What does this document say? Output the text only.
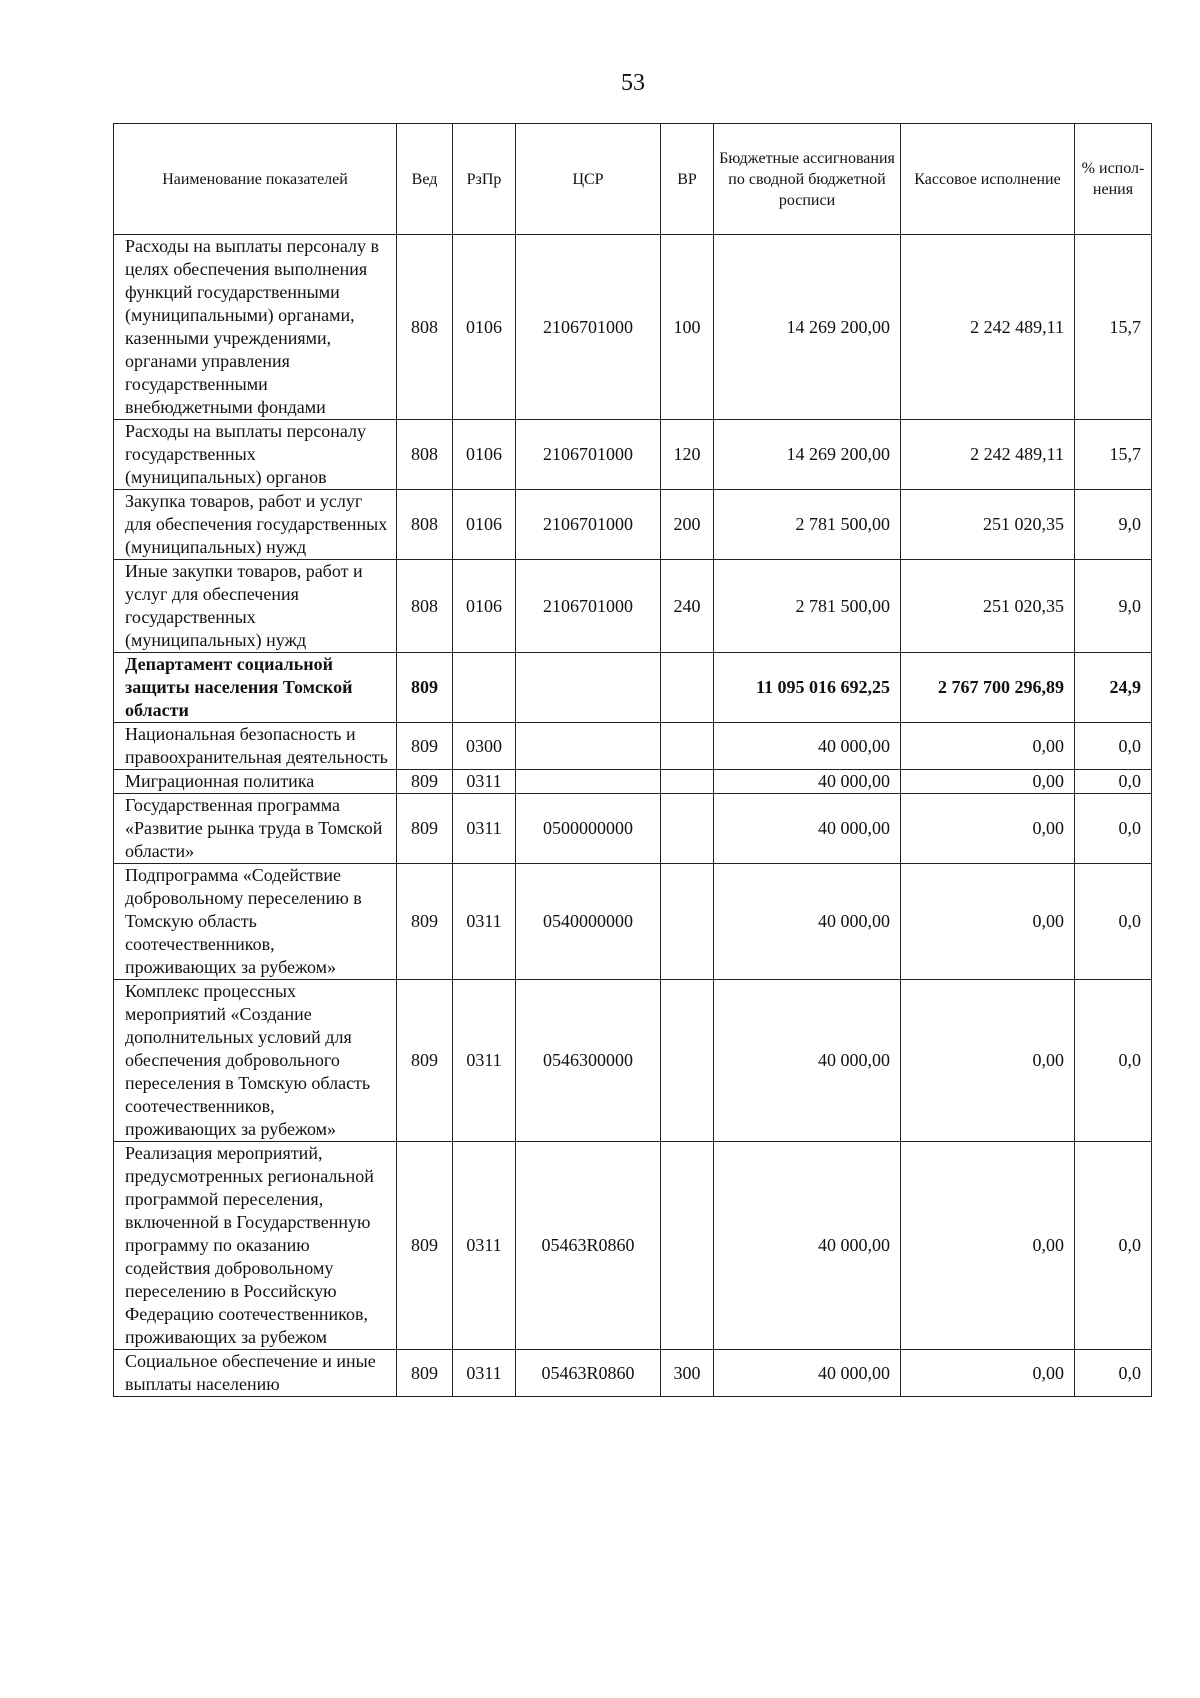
53
Наименование показателей	Вед	РзПр	ЦСР	ВР	Бюджетные ассигнования по сводной бюджетной росписи	Кассовое исполнение	% испол-нения
Расходы на выплаты персоналу в целях обеспечения выполнения функций государственными (муниципальными) органами, казенными учреждениями, органами управления государственными внебюджетными фондами	808	0106	2106701000	100	14 269 200,00	2 242 489,11	15,7
Расходы на выплаты персоналу государственных (муниципальных) органов	808	0106	2106701000	120	14 269 200,00	2 242 489,11	15,7
Закупка товаров, работ и услуг для обеспечения государственных (муниципальных) нужд	808	0106	2106701000	200	2 781 500,00	251 020,35	9,0
Иные закупки товаров, работ и услуг для обеспечения государственных (муниципальных) нужд	808	0106	2106701000	240	2 781 500,00	251 020,35	9,0
Департамент социальной защиты населения Томской области	809				11 095 016 692,25	2 767 700 296,89	24,9
Национальная безопасность и правоохранительная деятельность	809	0300			40 000,00	0,00	0,0
Миграционная политика	809	0311			40 000,00	0,00	0,0
Государственная программа «Развитие рынка труда в Томской области»	809	0311	0500000000		40 000,00	0,00	0,0
Подпрограмма «Содействие добровольному переселению в Томскую область соотечественников, проживающих за рубежом»	809	0311	0540000000		40 000,00	0,00	0,0
Комплекс процессных мероприятий «Создание дополнительных условий для обеспечения добровольного переселения в Томскую область соотечественников, проживающих за рубежом»	809	0311	0546300000		40 000,00	0,00	0,0
Реализация мероприятий, предусмотренных региональной программой переселения, включенной в Государственную программу по оказанию содействия добровольному переселению в Российскую Федерацию соотечественников, проживающих за рубежом	809	0311	05463R0860		40 000,00	0,00	0,0
Социальное обеспечение и иные выплаты населению	809	0311	05463R0860	300	40 000,00	0,00	0,0
